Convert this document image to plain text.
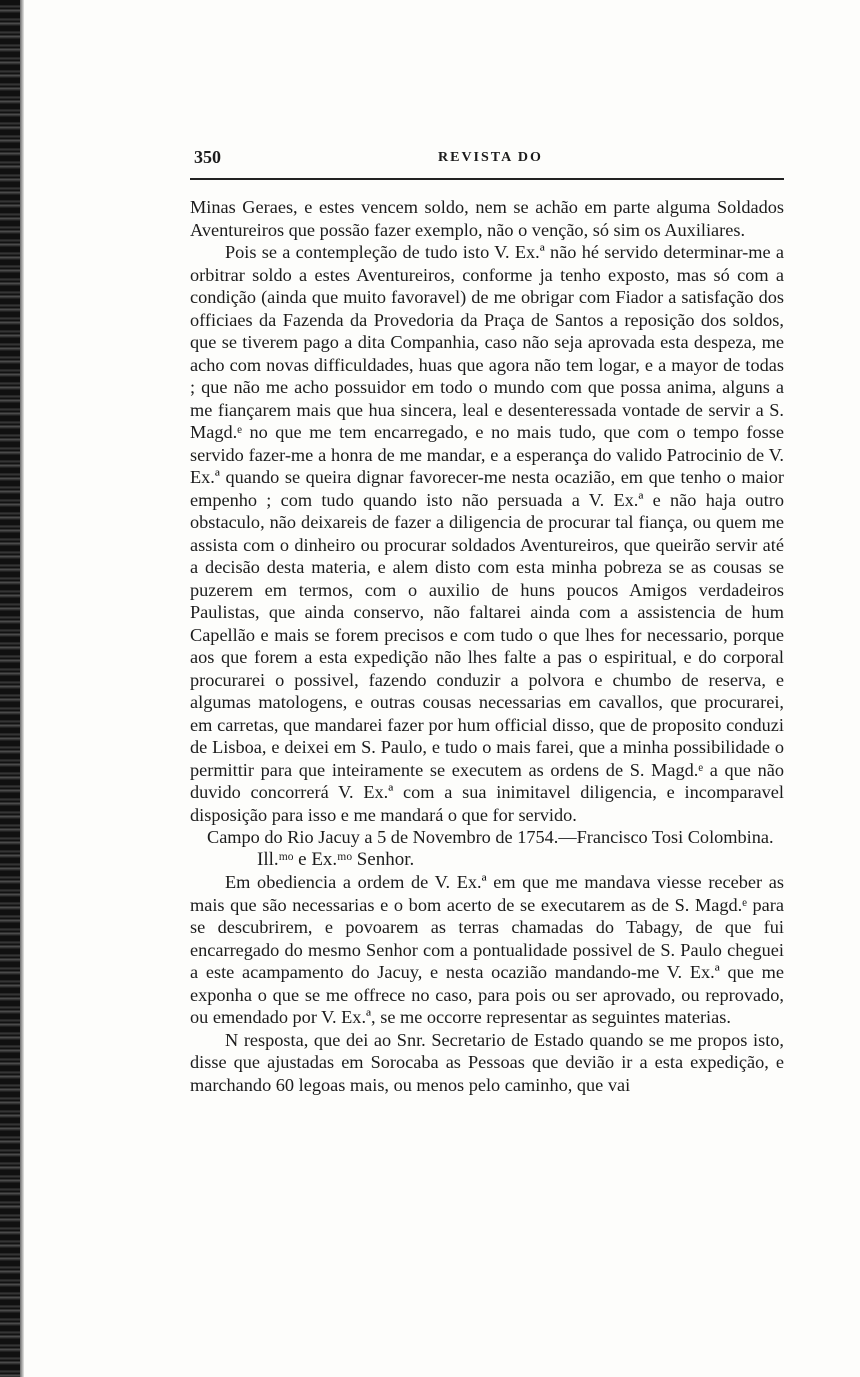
350	REVISTA DO

Minas Geraes, e estes vencem soldo, nem se achão em parte alguma Soldados Aventureiros que possão fazer exemplo, não o venção, só sim os Auxiliares.

Pois se a contempleção de tudo isto V. Ex.ª não hé servido determinar-me a orbitrar soldo a estes Aventureiros, conforme ja tenho exposto, mas só com a condição (ainda que muito favoravel) de me obrigar com Fiador a satisfação dos officiaes da Fazenda da Provedoria da Praça de Santos a reposição dos soldos, que se tiverem pago a dita Companhia, caso não seja aprovada esta despeza, me acho com novas difficuldades, huas que agora não tem logar, e a mayor de todas ; que não me acho possuidor em todo o mundo com que possa anima, alguns a me fiançarem mais que hua sincera, leal e desenteressada vontade de servir a S. Magd.ᵉ no que me tem encarregado, e no mais tudo, que com o tempo fosse servido fazer-me a honra de me mandar, e a esperança do valido Patrocinio de V. Ex.ª quando se queira dignar favorecer-me nesta ocazião, em que tenho o maior empenho ; com tudo quando isto não persuada a V. Ex.ª e não haja outro obstaculo, não deixareis de fazer a diligencia de procurar tal fiança, ou quem me assista com o dinheiro ou procurar soldados Aventureiros, que queirão servir até a decisão desta materia, e alem disto com esta minha pobreza se as cousas se puzerem em termos, com o auxilio de huns poucos Amigos verdadeiros Paulistas, que ainda conservo, não faltarei ainda com a assistencia de hum Capellão e mais se forem precisos e com tudo o que lhes for necessario, porque aos que forem a esta expedição não lhes falte a pas o espiritual, e do corporal procurarei o possivel, fazendo conduzir a polvora e chumbo de reserva, e algumas matologens, e outras cousas necessarias em cavallos, que procurarei, em carretas, que mandarei fazer por hum official disso, que de proposito conduzi de Lisboa, e deixei em S. Paulo, e tudo o mais farei, que a minha possibilidade o permittir para que inteiramente se executem as ordens de S. Magd.ᵉ a que não duvido concorrerá V. Ex.ª com a sua inimitavel diligencia, e incomparavel disposição para isso e me mandará o que for servido.

Campo do Rio Jacuy a 5 de Novembro de 1754.—Francisco Tosi Colombina.

Ill.ᵐᵒ e Ex.ᵐᵒ Senhor.

Em obediencia a ordem de V. Ex.ª em que me mandava viesse receber as mais que são necessarias e o bom acerto de se executarem as de S. Magd.ᵉ para se descubrirem, e povoarem as terras chamadas do Tabagy, de que fui encarregado do mesmo Senhor com a pontualidade possivel de S. Paulo cheguei a este acampamento do Jacuy, e nesta ocazião mandando-me V. Ex.ª que me exponha o que se me offrece no caso, para pois ou ser aprovado, ou reprovado, ou emendado por V. Ex.ª, se me occorre representar as seguintes materias.

N resposta, que dei ao Snr. Secretario de Estado quando se me propos isto, disse que ajustadas em Sorocaba as Pessoas que devião ir a esta expedição, e marchando 60 legoas mais, ou menos pelo caminho, que vai
